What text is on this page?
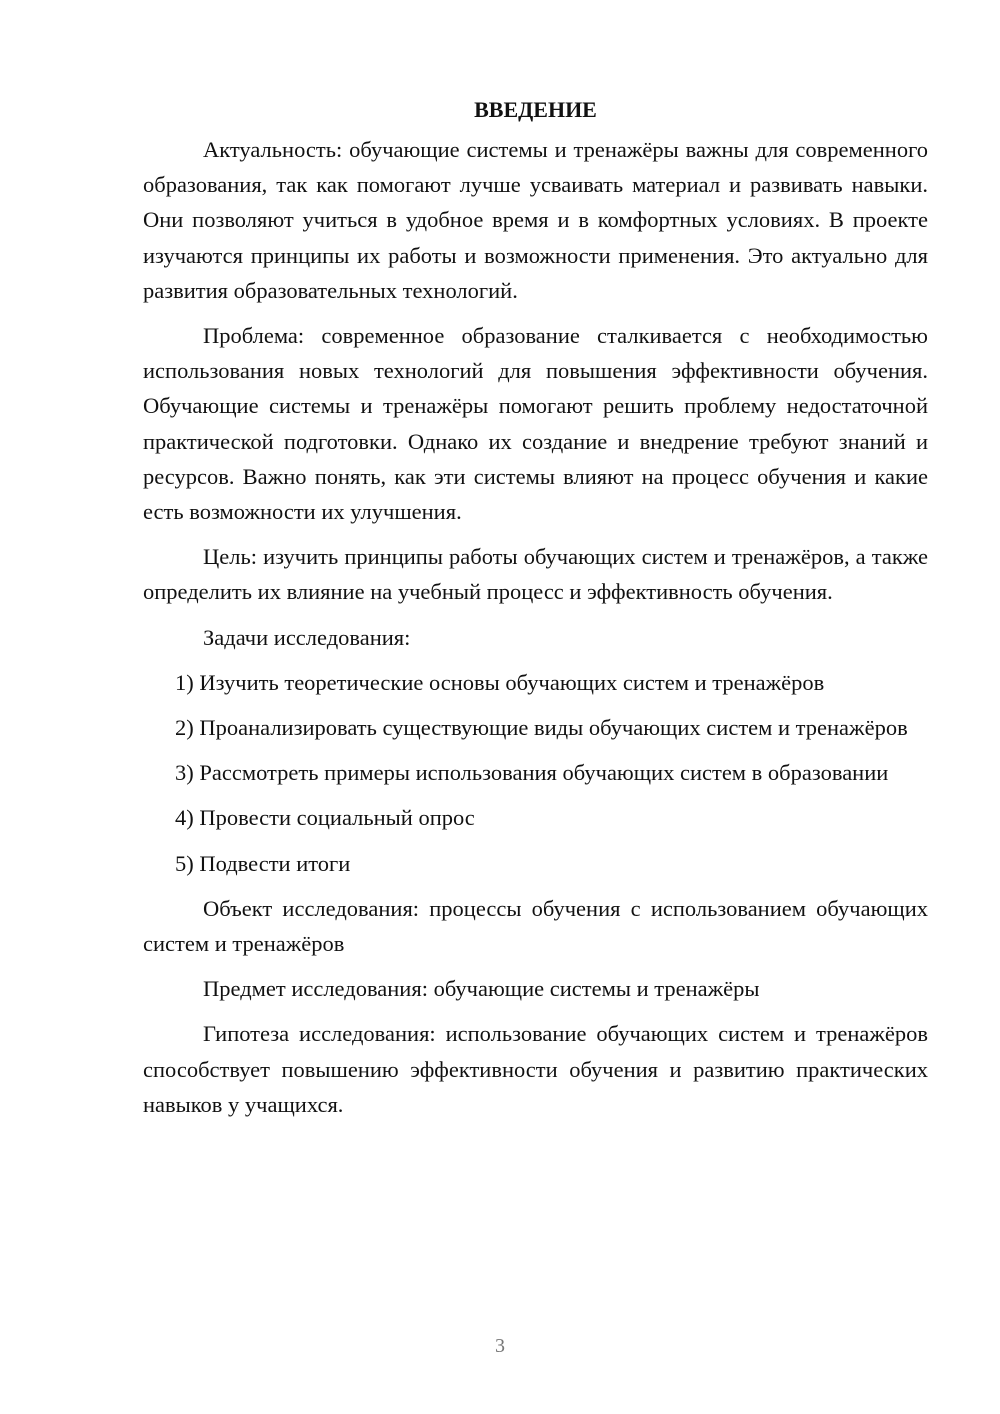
ВВЕДЕНИЕ

Актуальность: обучающие системы и тренажёры важны для современного образования, так как помогают лучше усваивать материал и развивать навыки. Они позволяют учиться в удобное время и в комфортных условиях. В проекте изучаются принципы их работы и возможности применения. Это актуально для развития образовательных технологий.

Проблема: современное образование сталкивается с необходимостью использования новых технологий для повышения эффективности обучения. Обучающие системы и тренажёры помогают решить проблему недостаточной практической подготовки. Однако их создание и внедрение требуют знаний и ресурсов. Важно понять, как эти системы влияют на процесс обучения и какие есть возможности их улучшения.

Цель: изучить принципы работы обучающих систем и тренажёров, а также определить их влияние на учебный процесс и эффективность обучения.

Задачи исследования:

1) Изучить теоретические основы обучающих систем и тренажёров

2) Проанализировать существующие виды обучающих систем и тренажёров

3) Рассмотреть примеры использования обучающих систем в образовании

4) Провести социальный опрос

5) Подвести итоги

Объект исследования: процессы обучения с использованием обучающих систем и тренажёров

Предмет исследования: обучающие системы и тренажёры

Гипотеза исследования: использование обучающих систем и тренажёров способствует повышению эффективности обучения и развитию практических навыков у учащихся.

3
